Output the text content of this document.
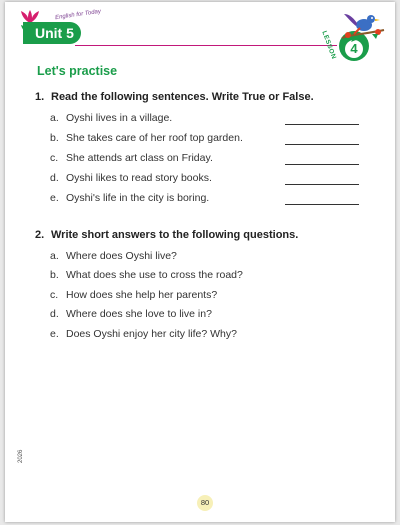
English for Today
Unit 5	LESSON	4
Let's practise
1. Read the following sentences. Write True or False.
a. Oyshi lives in a village.
b. She takes care of her roof top garden.
c. She attends art class on Friday.
d. Oyshi likes to read story books.
e. Oyshi's life in the city is boring.
2. Write short answers to the following questions.
a. Where does Oyshi live?
b. What does she use to cross the road?
c. How does she help her parents?
d. Where does she love to live in?
e. Does Oyshi enjoy her city life? Why?
2026
80
